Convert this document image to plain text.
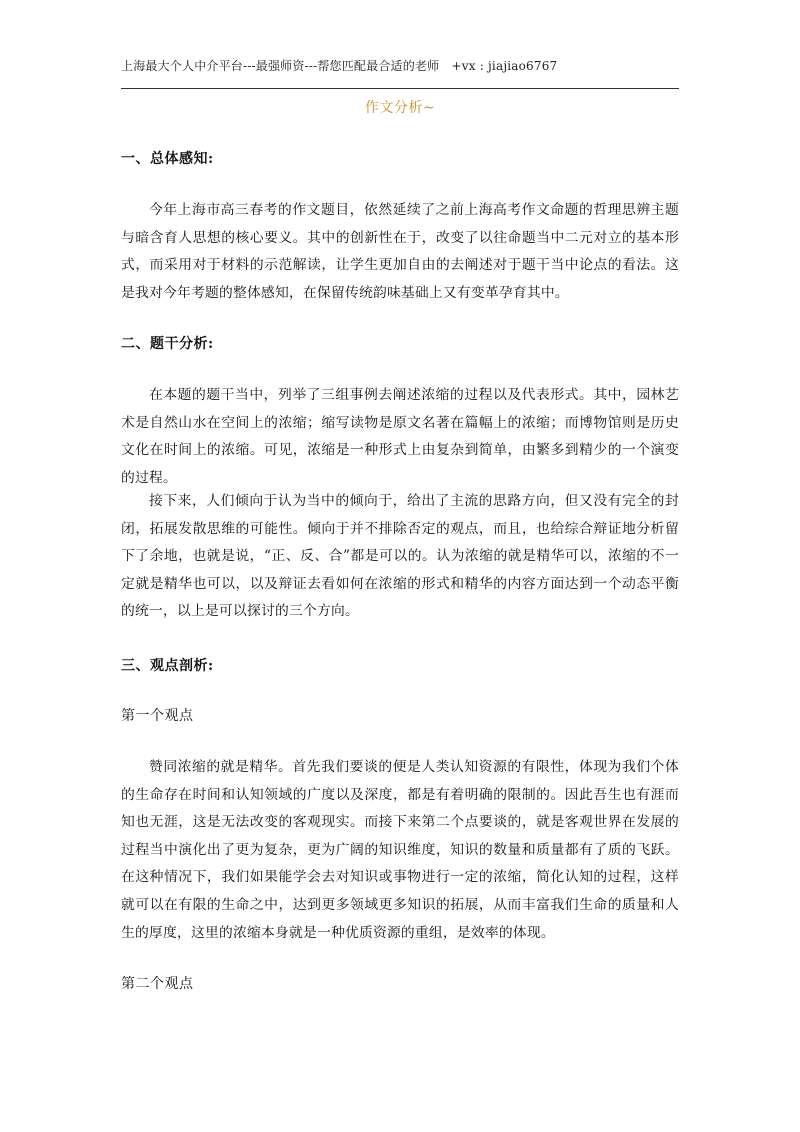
上海最大个人中介平台---最强师资---帮您匹配最合适的老师　+vx : jiajiao6767
作文分析~
一、总体感知:
今年上海市高三春考的作文题目，依然延续了之前上海高考作文命题的哲理思辨主题与暗含育人思想的核心要义。其中的创新性在于，改变了以往命题当中二元对立的基本形式，而采用对于材料的示范解读，让学生更加自由的去阐述对于题干当中论点的看法。这是我对今年考题的整体感知，在保留传统韵味基础上又有变革孕育其中。
二、题干分析:
在本题的题干当中，列举了三组事例去阐述浓缩的过程以及代表形式。其中，园林艺术是自然山水在空间上的浓缩；缩写读物是原文名著在篇幅上的浓缩；而博物馆则是历史文化在时间上的浓缩。可见，浓缩是一种形式上由复杂到简单，由繁多到精少的一个演变的过程。
接下来，人们倾向于认为当中的倾向于，给出了主流的思路方向，但又没有完全的封闭，拓展发散思维的可能性。倾向于并不排除否定的观点，而且，也给综合辩证地分析留下了余地，也就是说，“正、反、合”都是可以的。认为浓缩的就是精华可以，浓缩的不一定就是精华也可以，以及辩证去看如何在浓缩的形式和精华的内容方面达到一个动态平衡的统一，以上是可以探讨的三个方向。
三、观点剖析:
第一个观点
赞同浓缩的就是精华。首先我们要谈的便是人类认知资源的有限性，体现为我们个体的生命存在时间和认知领域的广度以及深度，都是有着明确的限制的。因此吾生也有涯而知也无涯，这是无法改变的客观现实。而接下来第二个点要谈的，就是客观世界在发展的过程当中演化出了更为复杂，更为广阔的知识维度，知识的数量和质量都有了质的飞跃。在这种情况下，我们如果能学会去对知识或事物进行一定的浓缩，简化认知的过程，这样就可以在有限的生命之中，达到更多领域更多知识的拓展，从而丰富我们生命的质量和人生的厚度，这里的浓缩本身就是一种优质资源的重组，是效率的体现。
第二个观点
